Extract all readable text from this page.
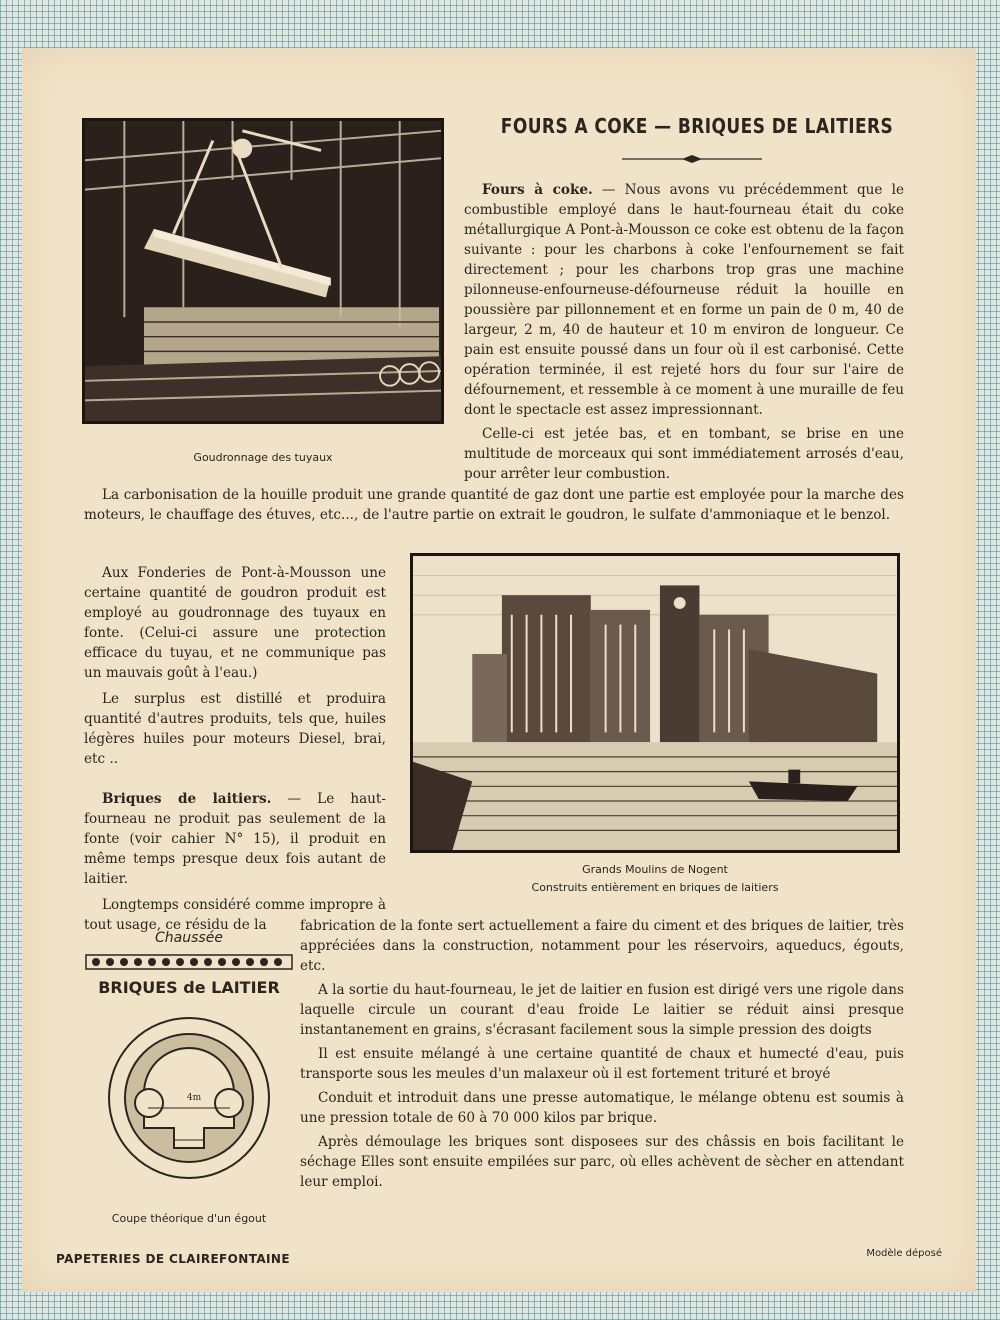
Goudronnage des tuyaux

FOURS A COKE — BRIQUES DE LAITIERS

Fours à coke. — Nous avons vu précédemment que le combustible employé dans le haut-fourneau était du coke métallurgique A Pont-à-Mousson ce coke est obtenu de la façon suivante : pour les charbons à coke l'enfournement se fait directement ; pour les charbons trop gras une machine pilonneuse-enfourneuse-défourneuse réduit la houille en poussière par pillonnement et en forme un pain de 0 m, 40 de largeur, 2 m, 40 de hauteur et 10 m environ de longueur. Ce pain est ensuite poussé dans un four où il est carbonisé. Cette opération terminée, il est rejeté hors du four sur l'aire de défournement, et ressemble à ce moment à une muraille de feu dont le spectacle est assez impressionnant.

Celle-ci est jetée bas, et en tombant, se brise en une multitude de morceaux qui sont immédiatement arrosés d'eau, pour arrêter leur combustion.

La carbonisation de la houille produit une grande quantité de gaz dont une partie est employée pour la marche des moteurs, le chauffage des étuves, etc..., de l'autre partie on extrait le goudron, le sulfate d'ammoniaque et le benzol.

Aux Fonderies de Pont-à-Mousson une certaine quantité de goudron produit est employé au goudronnage des tuyaux en fonte. (Celui-ci assure une protection efficace du tuyau, et ne communique pas un mauvais goût à l'eau.)

Le surplus est distillé et produira quantité d'autres produits, tels que, huiles légères huiles pour moteurs Diesel, brai, etc ..

Briques de laitiers. — Le haut-fourneau ne produit pas seulement de la fonte (voir cahier N° 15), il produit en même temps presque deux fois autant de laitier.

Longtemps considéré comme impropre à tout usage, ce résidu de la

Grands Moulins de Nogent

Construits entièrement en briques de laitiers

fabrication de la fonte sert actuellement a faire du ciment et des briques de laitier, très appréciées dans la construction, notamment pour les réservoirs, aqueducs, égouts, etc.

A la sortie du haut-fourneau, le jet de laitier en fusion est dirigé vers une rigole dans laquelle circule un courant d'eau froide Le laitier se réduit ainsi presque instantanement en grains, s'écrasant facilement sous la simple pression des doigts

Il est ensuite mélangé à une certaine quantité de chaux et humecté d'eau, puis transporte sous les meules d'un malaxeur où il est fortement trituré et broyé

Conduit et introduit dans une presse automatique, le mélange obtenu est soumis à une pression totale de 60 à 70 000 kilos par brique.

Après démoulage les briques sont disposees sur des châssis en bois facilitant le séchage Elles sont ensuite empilées sur parc, où elles achèvent de sècher en attendant leur emploi.

Chaussée
BRIQUES de LAITIER
4m

Coupe théorique d'un égout

PAPETERIES DE CLAIREFONTAINE	Modèle déposé
